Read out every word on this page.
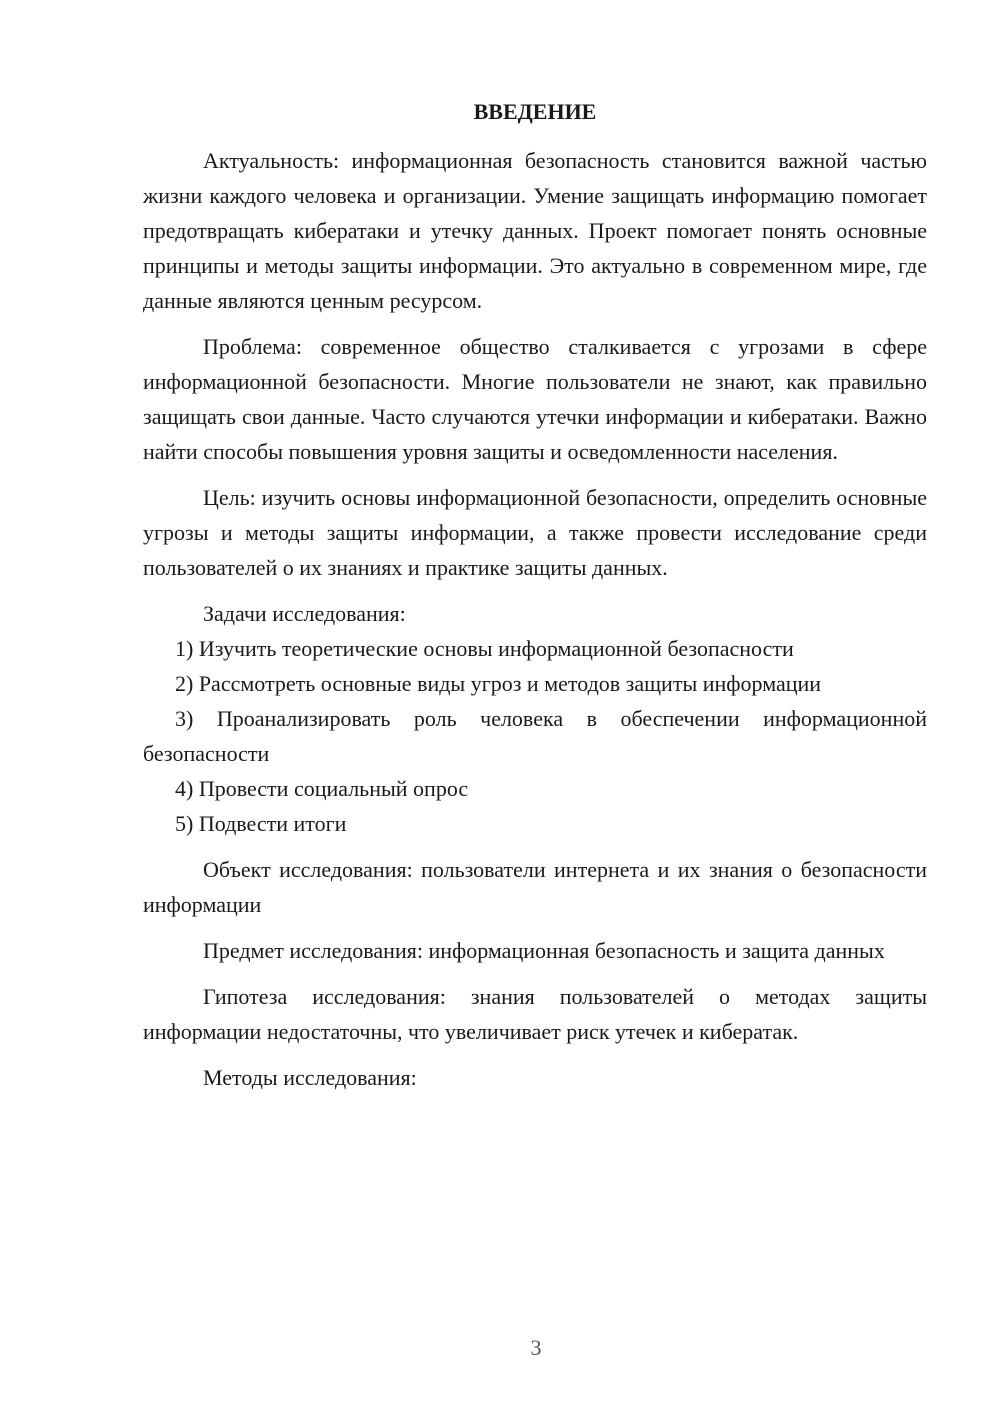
ВВЕДЕНИЕ

Актуальность: информационная безопасность становится важной частью жизни каждого человека и организации. Умение защищать информацию помогает предотвращать кибератаки и утечку данных. Проект помогает понять основные принципы и методы защиты информации. Это актуально в современном мире, где данные являются ценным ресурсом.

Проблема: современное общество сталкивается с угрозами в сфере информационной безопасности. Многие пользователи не знают, как правильно защищать свои данные. Часто случаются утечки информации и кибератаки. Важно найти способы повышения уровня защиты и осведомленности населения.

Цель: изучить основы информационной безопасности, определить основные угрозы и методы защиты информации, а также провести исследование среди пользователей о их знаниях и практике защиты данных.

Задачи исследования:

1) Изучить теоретические основы информационной безопасности

2) Рассмотреть основные виды угроз и методов защиты информации

3) Проанализировать роль человека в обеспечении информационной безопасности

4) Провести социальный опрос

5) Подвести итоги

Объект исследования: пользователи интернета и их знания о безопасности информации

Предмет исследования: информационная безопасность и защита данных

Гипотеза исследования: знания пользователей о методах защиты информации недостаточны, что увеличивает риск утечек и кибератак.

Методы исследования:

3
